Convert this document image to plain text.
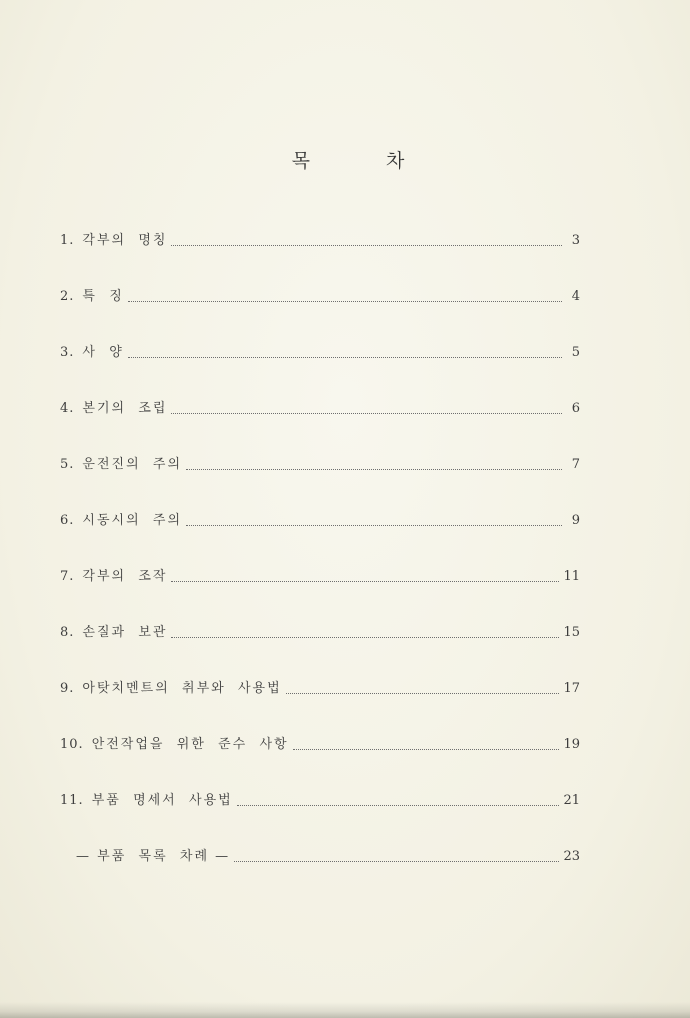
목	차
1. 각부의  명칭	3
2. 특  징	4
3. 사  양	5
4. 본기의  조립	6
5. 운전진의  주의	7
6. 시동시의  주의	9
7. 각부의  조작	11
8. 손질과  보관	15
9. 아탓치멘트의  취부와  사용법	17
10. 안전작업을  위한  준수  사항	19
11. 부품  명세서  사용법	21
— 부품  목록  차례 —	23
